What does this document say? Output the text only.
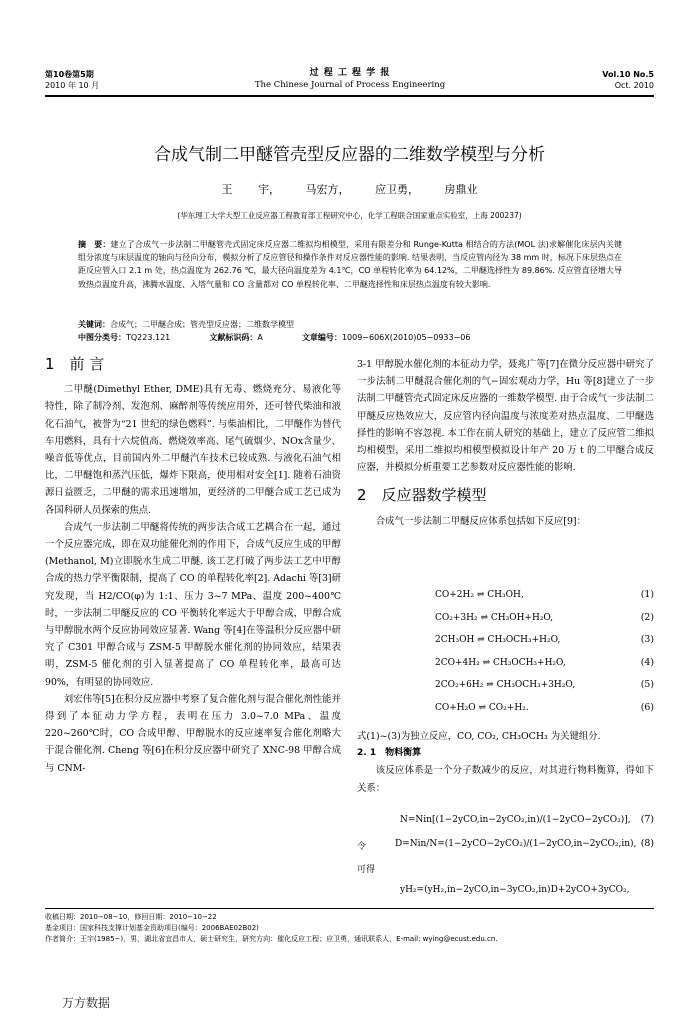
第10卷第5期
2010 年 10 月
过 程 工 程 学 报
The Chinese Journal of Process Engineering
Vol.10 No.5
Oct. 2010
合成气制二甲醚管壳型反应器的二维数学模型与分析
王 宇， 马宏方， 应卫勇， 房鼎业
(华东理工大学大型工业反应器工程教育部工程研究中心，化学工程联合国家重点实验室，上海 200237)
摘　要：建立了合成气一步法制二甲醚管壳式固定床反应器二维拟均相模型，采用有限差分和 Runge-Kutta 相结合的方法(MOL 法)求解催化床层内关键组分浓度与床层温度的轴向与径向分布，模拟分析了反应管径和操作条件对反应器性能的影响. 结果表明，当反应管内径为 38 mm 时，标况下床层热点在距反应管入口 2.1 m 处，热点温度为 262.76 ℃，最大径向温度差为 4.1℃，CO 单程转化率为 64.12%，二甲醚选择性为 89.86%. 反应管直径增大导致热点温度升高，沸腾水温度、入塔气量和 CO 含量都对 CO 单程转化率、二甲醚选择性和床层热点温度有较大影响.
关键词：合成气；二甲醚合成；管壳型反应器；二维数学模型
中图分类号：TQ223.121	文献标识码：A	文章编号：1009−606X(2010)05−0933−06
1　前 言

二甲醚(Dimethyl Ether, DME)具有无毒、燃烧充分、易液化等特性，除了制冷剂、发泡剂、麻醉剂等传统应用外，还可替代柴油和液化石油气，被誉为“21 世纪的绿色燃料”. 与柴油相比，二甲醚作为替代车用燃料，具有十六烷值高、燃烧效率高、尾气硫烟少、NOx含量少、噪音低等优点，目前国内外二甲醚汽车技术已较成熟. 与液化石油气相比，二甲醚饱和蒸汽压低，爆炸下限高，使用相对安全[1]. 随着石油资源日益匮乏，二甲醚的需求迅速增加，更经济的二甲醚合成工艺已成为各国科研人员探索的焦点.

合成气一步法制二甲醚将传统的两步法合成工艺耦合在一起，通过一个反应器完成，即在双功能催化剂的作用下，合成气反应生成的甲醇(Methanol, M)立即脱水生成二甲醚. 该工艺打破了两步法工艺中甲醇合成的热力学平衡限制，提高了 CO 的单程转化率[2]. Adachi 等[3]研究发现，当 H2/CO(φ)为 1:1、压力 3~7 MPa、温度 200~400℃时，一步法制二甲醚反应的 CO 平衡转化率远大于甲醇合成，甲醇合成与甲醇脱水两个反应协同效应显著. Wang 等[4]在等温积分反应器中研究了 C301 甲醇合成与 ZSM-5 甲醇脱水催化剂的协同效应，结果表明，ZSM-5 催化剂的引入显著提高了 CO 单程转化率，最高可达 90%，有明显的协同效应.

刘宏伟等[5]在积分反应器中考察了复合催化剂与混合催化剂性能并得到了本征动力学方程，表明在压力 3.0~7.0 MPa、温度 220~260℃时，CO 合成甲醇、甲醇脱水的反应速率复合催化剂略大于混合催化剂. Cheng 等[6]在积分反应器中研究了 XNC-98 甲醇合成与 CNM-

3-1 甲醇脱水催化剂的本征动力学，聂兆广等[7]在微分反应器中研究了一步法制二甲醚混合催化剂的气−固宏观动力学，Hu 等[8]建立了一步法制二甲醚管壳式固定床反应器的一维数学模型. 由于合成气一步法制二甲醚反应热效应大，反应管内径向温度与浓度差对热点温度、二甲醚选择性的影响不容忽视. 本工作在前人研究的基础上，建立了反应管二维拟均相模型，采用二维拟均相模型模拟设计年产 20 万 t 的二甲醚合成反应器，并模拟分析重要工艺参数对反应器性能的影响.

2　反应器数学模型

合成气一步法制二甲醚反应体系包括如下反应[9]：

CO+2H₂ ⇌ CH₃OH,	(1)
CO₂+3H₂ ⇌ CH₃OH+H₂O,	(2)
2CH₃OH ⇌ CH₃OCH₃+H₂O,	(3)
2CO+4H₂ ⇌ CH₃OCH₃+H₂O,	(4)
2CO₂+6H₂ ⇌ CH₃OCH₃+3H₂O,	(5)
CO+H₂O ⇌ CO₂+H₂.	(6)

式(1)~(3)为独立反应，CO, CO₂, CH₃OCH₃ 为关键组分.

2. 1　物料衡算

该反应体系是一个分子数减少的反应，对其进行物料衡算，得如下关系：

N=Nin[(1−2yCO,in−2yCO₂,in)/(1−2yCO−2yCO₂)], (7)
令	D=Nin/N=(1−2yCO−2yCO₂)/(1−2yCO,in−2yCO₂,in), (8)
可得
yH₂=(yH₂,in−2yCO,in−3yCO₂,in)D+2yCO+3yCO₂,
收稿日期：2010−08−10，修回日期：2010−10−22
基金项目：国家科技支撑计划基金资助项目(编号：2006BAE02B02)
作者简介：王宇(1985−)，男，湖北省宜昌市人，硕士研究生，研究方向：催化反应工程；应卫勇，通讯联系人，E-mail: wying@ecust.edu.cn.
万方数据
